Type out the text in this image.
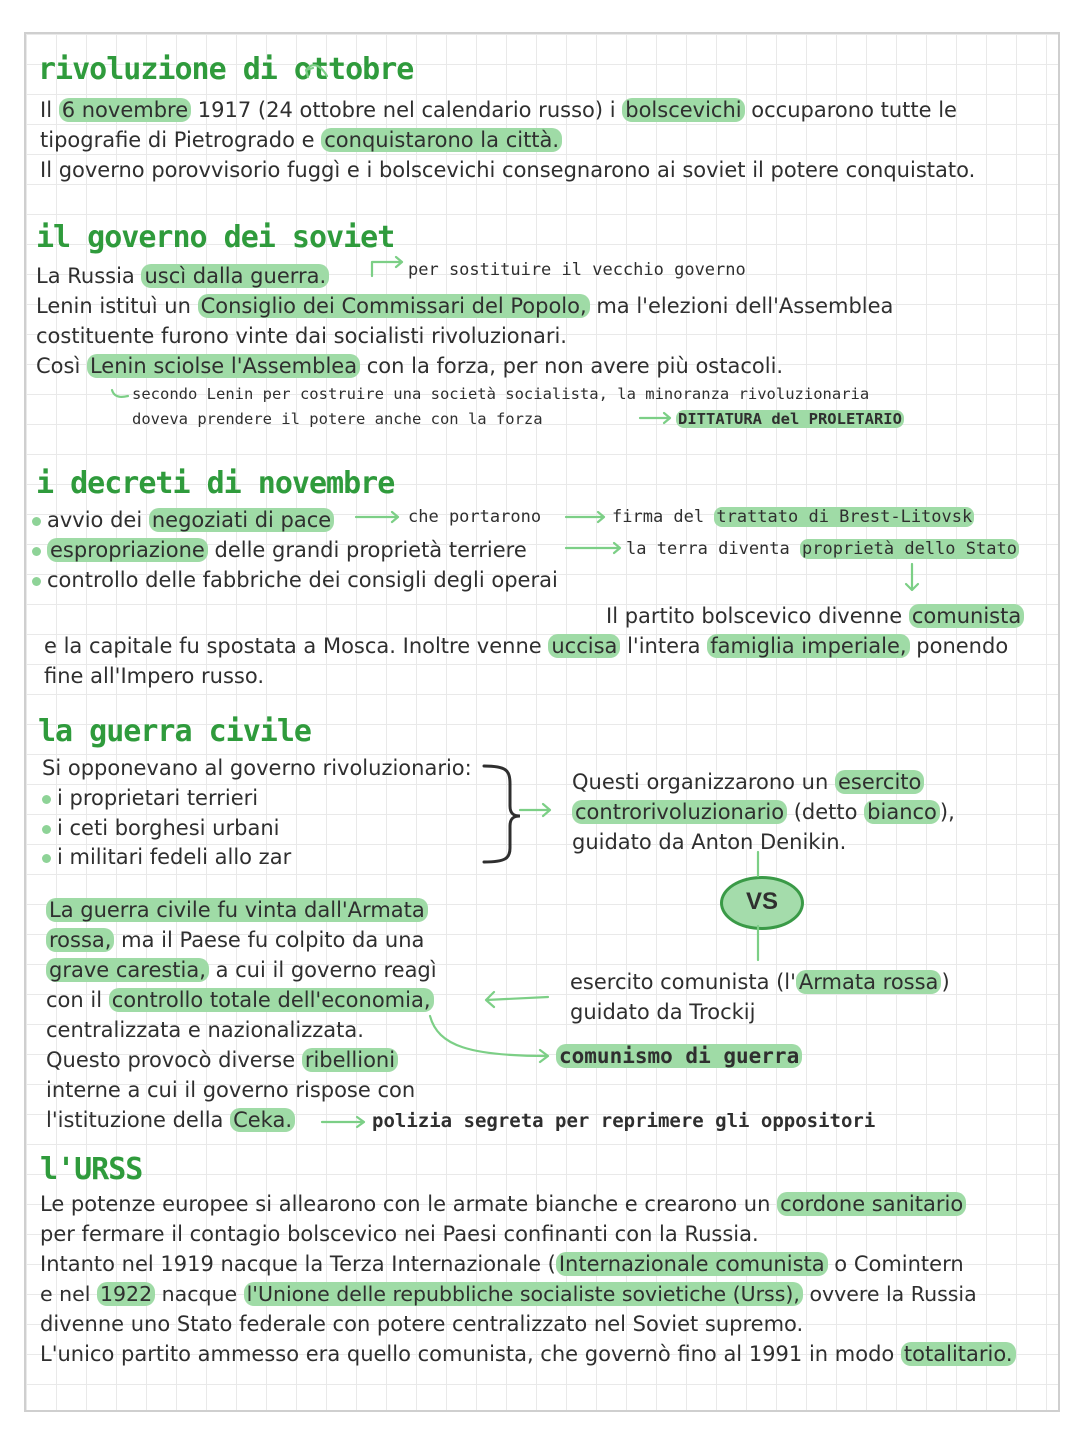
rivoluzione di ottobre
Il 6 novembre 1917 (24 ottobre nel calendario russo) i bolscevichi occuparono tutte le
tipografie di Pietrogrado e conquistarono la città.
Il governo porovvisorio fuggì e i bolscevichi consegnarono ai soviet il potere conquistato.
il governo dei soviet
La Russia uscì dalla guerra.	per sostituire il vecchio governo
Lenin istituì un Consiglio dei Commissari del Popolo, ma l'elezioni dell'Assemblea
costituente furono vinte dai socialisti rivoluzionari.
Così Lenin sciolse l'Assemblea con la forza, per non avere più ostacoli.
secondo Lenin per costruire una società socialista, la minoranza rivoluzionaria
doveva prendere il potere anche con la forza	DITTATURA del PROLETARIO
i decreti di novembre
avvio dei negoziati di pace	che portarono	firma del trattato di Brest-Litovsk
espropriazione delle grandi proprietà terriere	la terra diventa proprietà dello Stato
controllo delle fabbriche dei consigli degli operai
Il partito bolscevico divenne comunista
e la capitale fu spostata a Mosca. Inoltre venne uccisa l'intera famiglia imperiale, ponendo
fine all'Impero russo.
la guerra civile
Si opponevano al governo rivoluzionario:
i proprietari terrieri
i ceti borghesi urbani
i militari fedeli allo zar
Questi organizzarono un esercito
controrivoluzionario (detto bianco ),
guidato da Anton Denikin.
VS
La guerra civile fu vinta dall'Armata
rossa, ma il Paese fu colpito da una
grave carestia, a cui il governo reagì
con il controllo totale dell'economia,
centralizzata e nazionalizzata.
Questo provocò diverse ribellioni
interne a cui il governo rispose con
l'istituzione della Ceka.
esercito comunista (l' Armata rossa )
guidato da Trockij
comunismo di guerra
polizia segreta per reprimere gli oppositori
l'URSS
Le potenze europee si allearono con le armate bianche e crearono un cordone sanitario
per fermare il contagio bolscevico nei Paesi confinanti con la Russia.
Intanto nel 1919 nacque la Terza Internazionale ( Internazionale comunista o Comintern
e nel 1922 nacque l'Unione delle repubbliche socialiste sovietiche (Urss), ovvere la Russia
divenne uno Stato federale con potere centralizzato nel Soviet supremo.
L'unico partito ammesso era quello comunista, che governò fino al 1991 in modo totalitario.
